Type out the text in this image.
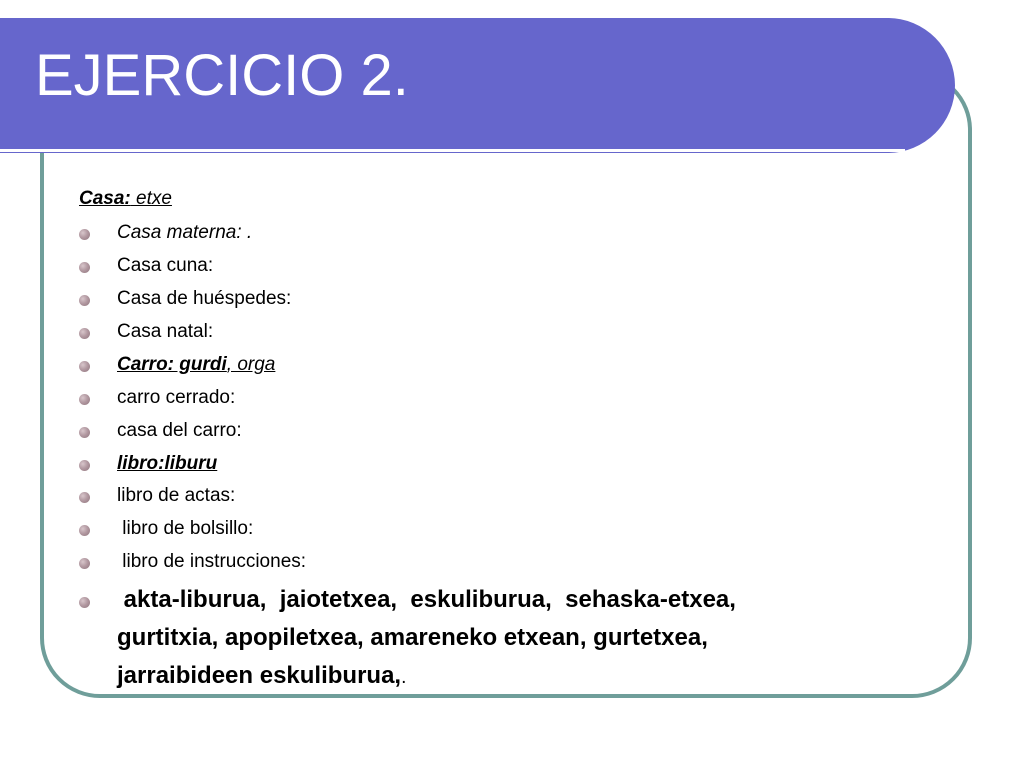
EJERCICIO 2.
Casa: etxe
Casa materna: .
Casa cuna:
Casa de huéspedes:
Casa natal:
Carro: gurdi, orga
carro cerrado:
casa del carro:
libro:liburu
libro de actas:
libro de bolsillo:
libro de instrucciones:
akta-liburua,  jaiotetxea,  eskuliburua,  sehaska-etxea,
gurtitxia, apopiletxea, amareneko etxean, gurtetxea,
jarraibideen eskuliburua,.
